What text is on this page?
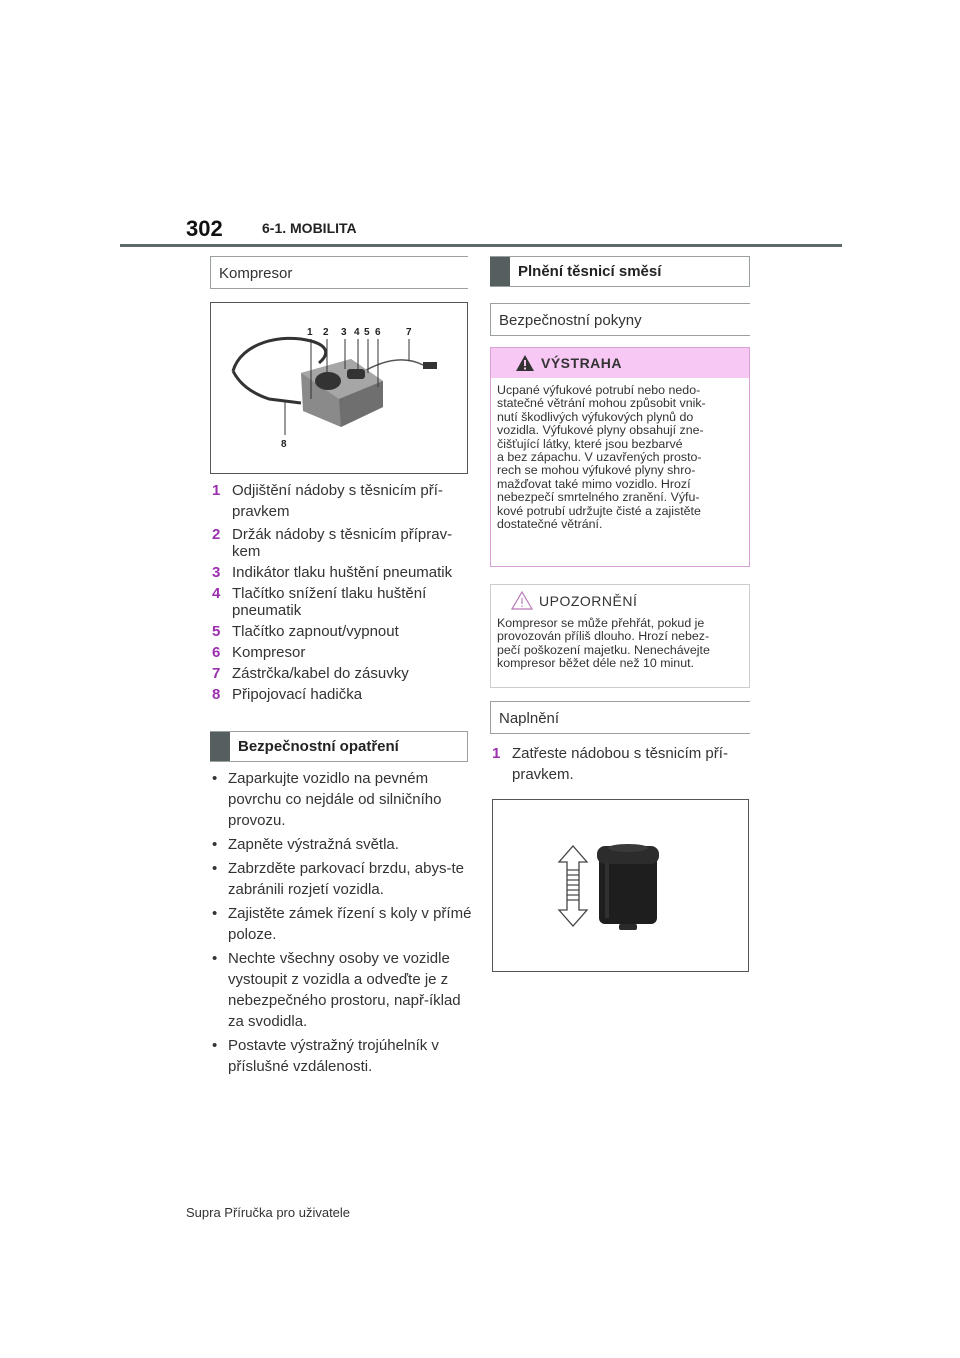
302	6-1. MOBILITA
Kompresor
1 2 3 4 5 6	7
8
1 Odjištění nádoby s těsnicím pří-
pravkem
2 Držák nádoby s těsnicím příprav-
kem
3 Indikátor tlaku huštění pneumatik
4 Tlačítko snížení tlaku huštění
pneumatik
5 Tlačítko zapnout/vypnout
6 Kompresor
7 Zástrčka/kabel do zásuvky
8 Připojovací hadička
Bezpečnostní opatření
• Zaparkujte vozidlo na pevném povrchu co nejdále od silničního provozu.
• Zapněte výstražná světla.
• Zabrzděte parkovací brzdu, abys-te zabránili rozjetí vozidla.
• Zajistěte zámek řízení s koly v přímé poloze.
• Nechte všechny osoby ve vozidle vystoupit z vozidla a odveďte je z nebezpečného prostoru, např-íklad za svodidla.
• Postavte výstražný trojúhelník v příslušné vzdálenosti.
Plnění těsnicí směsí
Bezpečnostní pokyny
VÝSTRAHA
Ucpané výfukové potrubí nebo nedo-
statečné větrání mohou způsobit vnik-
nutí škodlivých výfukových plynů do
vozidla. Výfukové plyny obsahují zne-
čišťující látky, které jsou bezbarvé
a bez zápachu. V uzavřených prosto-
rech se mohou výfukové plyny shro-
mažďovat také mimo vozidlo. Hrozí
nebezpečí smrtelného zranění. Výfu-
kové potrubí udržujte čisté a zajistěte
dostatečné větrání.
UPOZORNĚNÍ
Kompresor se může přehřát, pokud je
provozován příliš dlouho. Hrozí nebez-
pečí poškození majetku. Nenechávejte
kompresor běžet déle než 10 minut.
Naplnění
1 Zatřeste nádobou s těsnicím pří-
pravkem.
Supra Příručka pro uživatele
